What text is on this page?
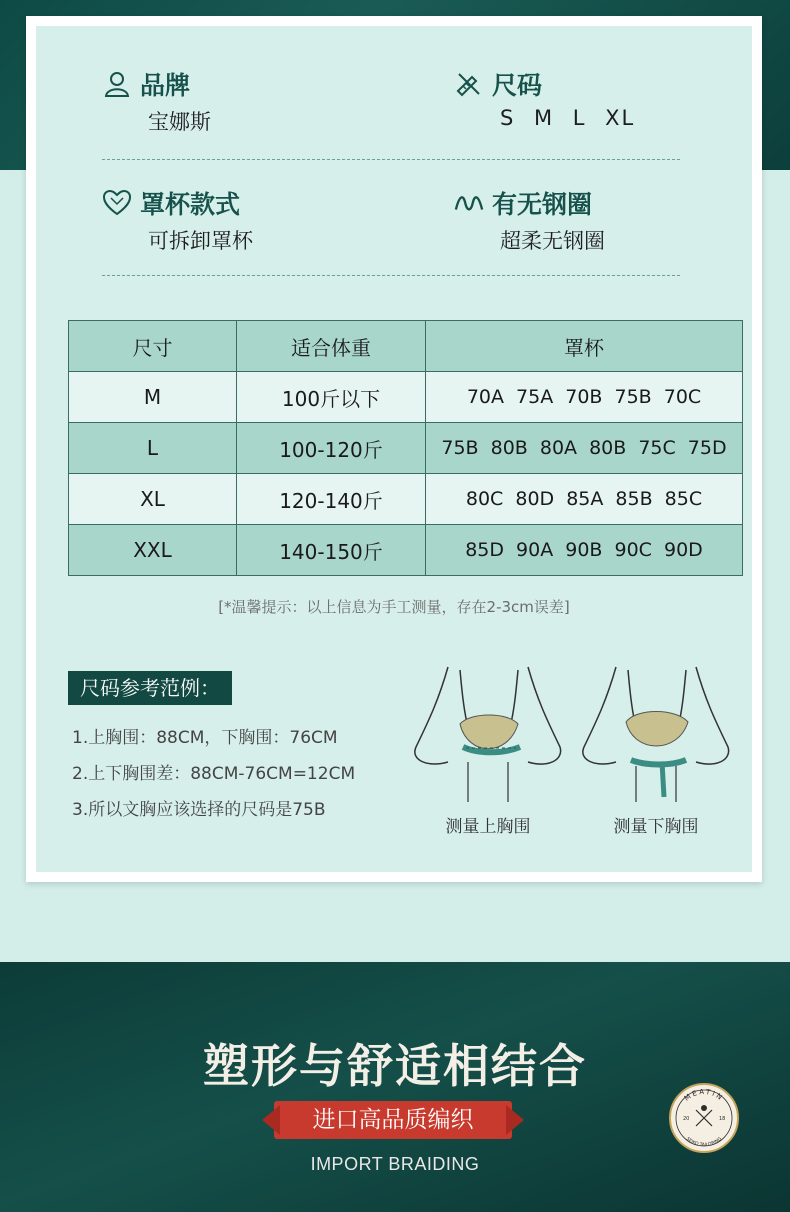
品牌
宝娜斯
尺码
S M L XL
罩杯款式
可拆卸罩杯
有无钢圈
超柔无钢圈
尺寸	适合体重	罩杯
M	100斤以下	70A 75A 70B 75B 70C
L	100-120斤	75B 80B 80A 80B 75C 75D
XL	120-140斤	80C 80D 85A 85B 85C
XXL	140-150斤	85D 90A 90B 90C 90D
[*温馨提示：以上信息为手工测量，存在2-3cm误差]
尺码参考范例：
1.上胸围：88CM，下胸围：76CM
2.上下胸围差：88CM-76CM=12CM
3.所以文胸应该选择的尺码是75B
测量上胸围	测量下胸围
塑形与舒适相结合
进口高品质编织
IMPORT BRAIDING
MEATIN
SEIKO TAILORING
20	18
